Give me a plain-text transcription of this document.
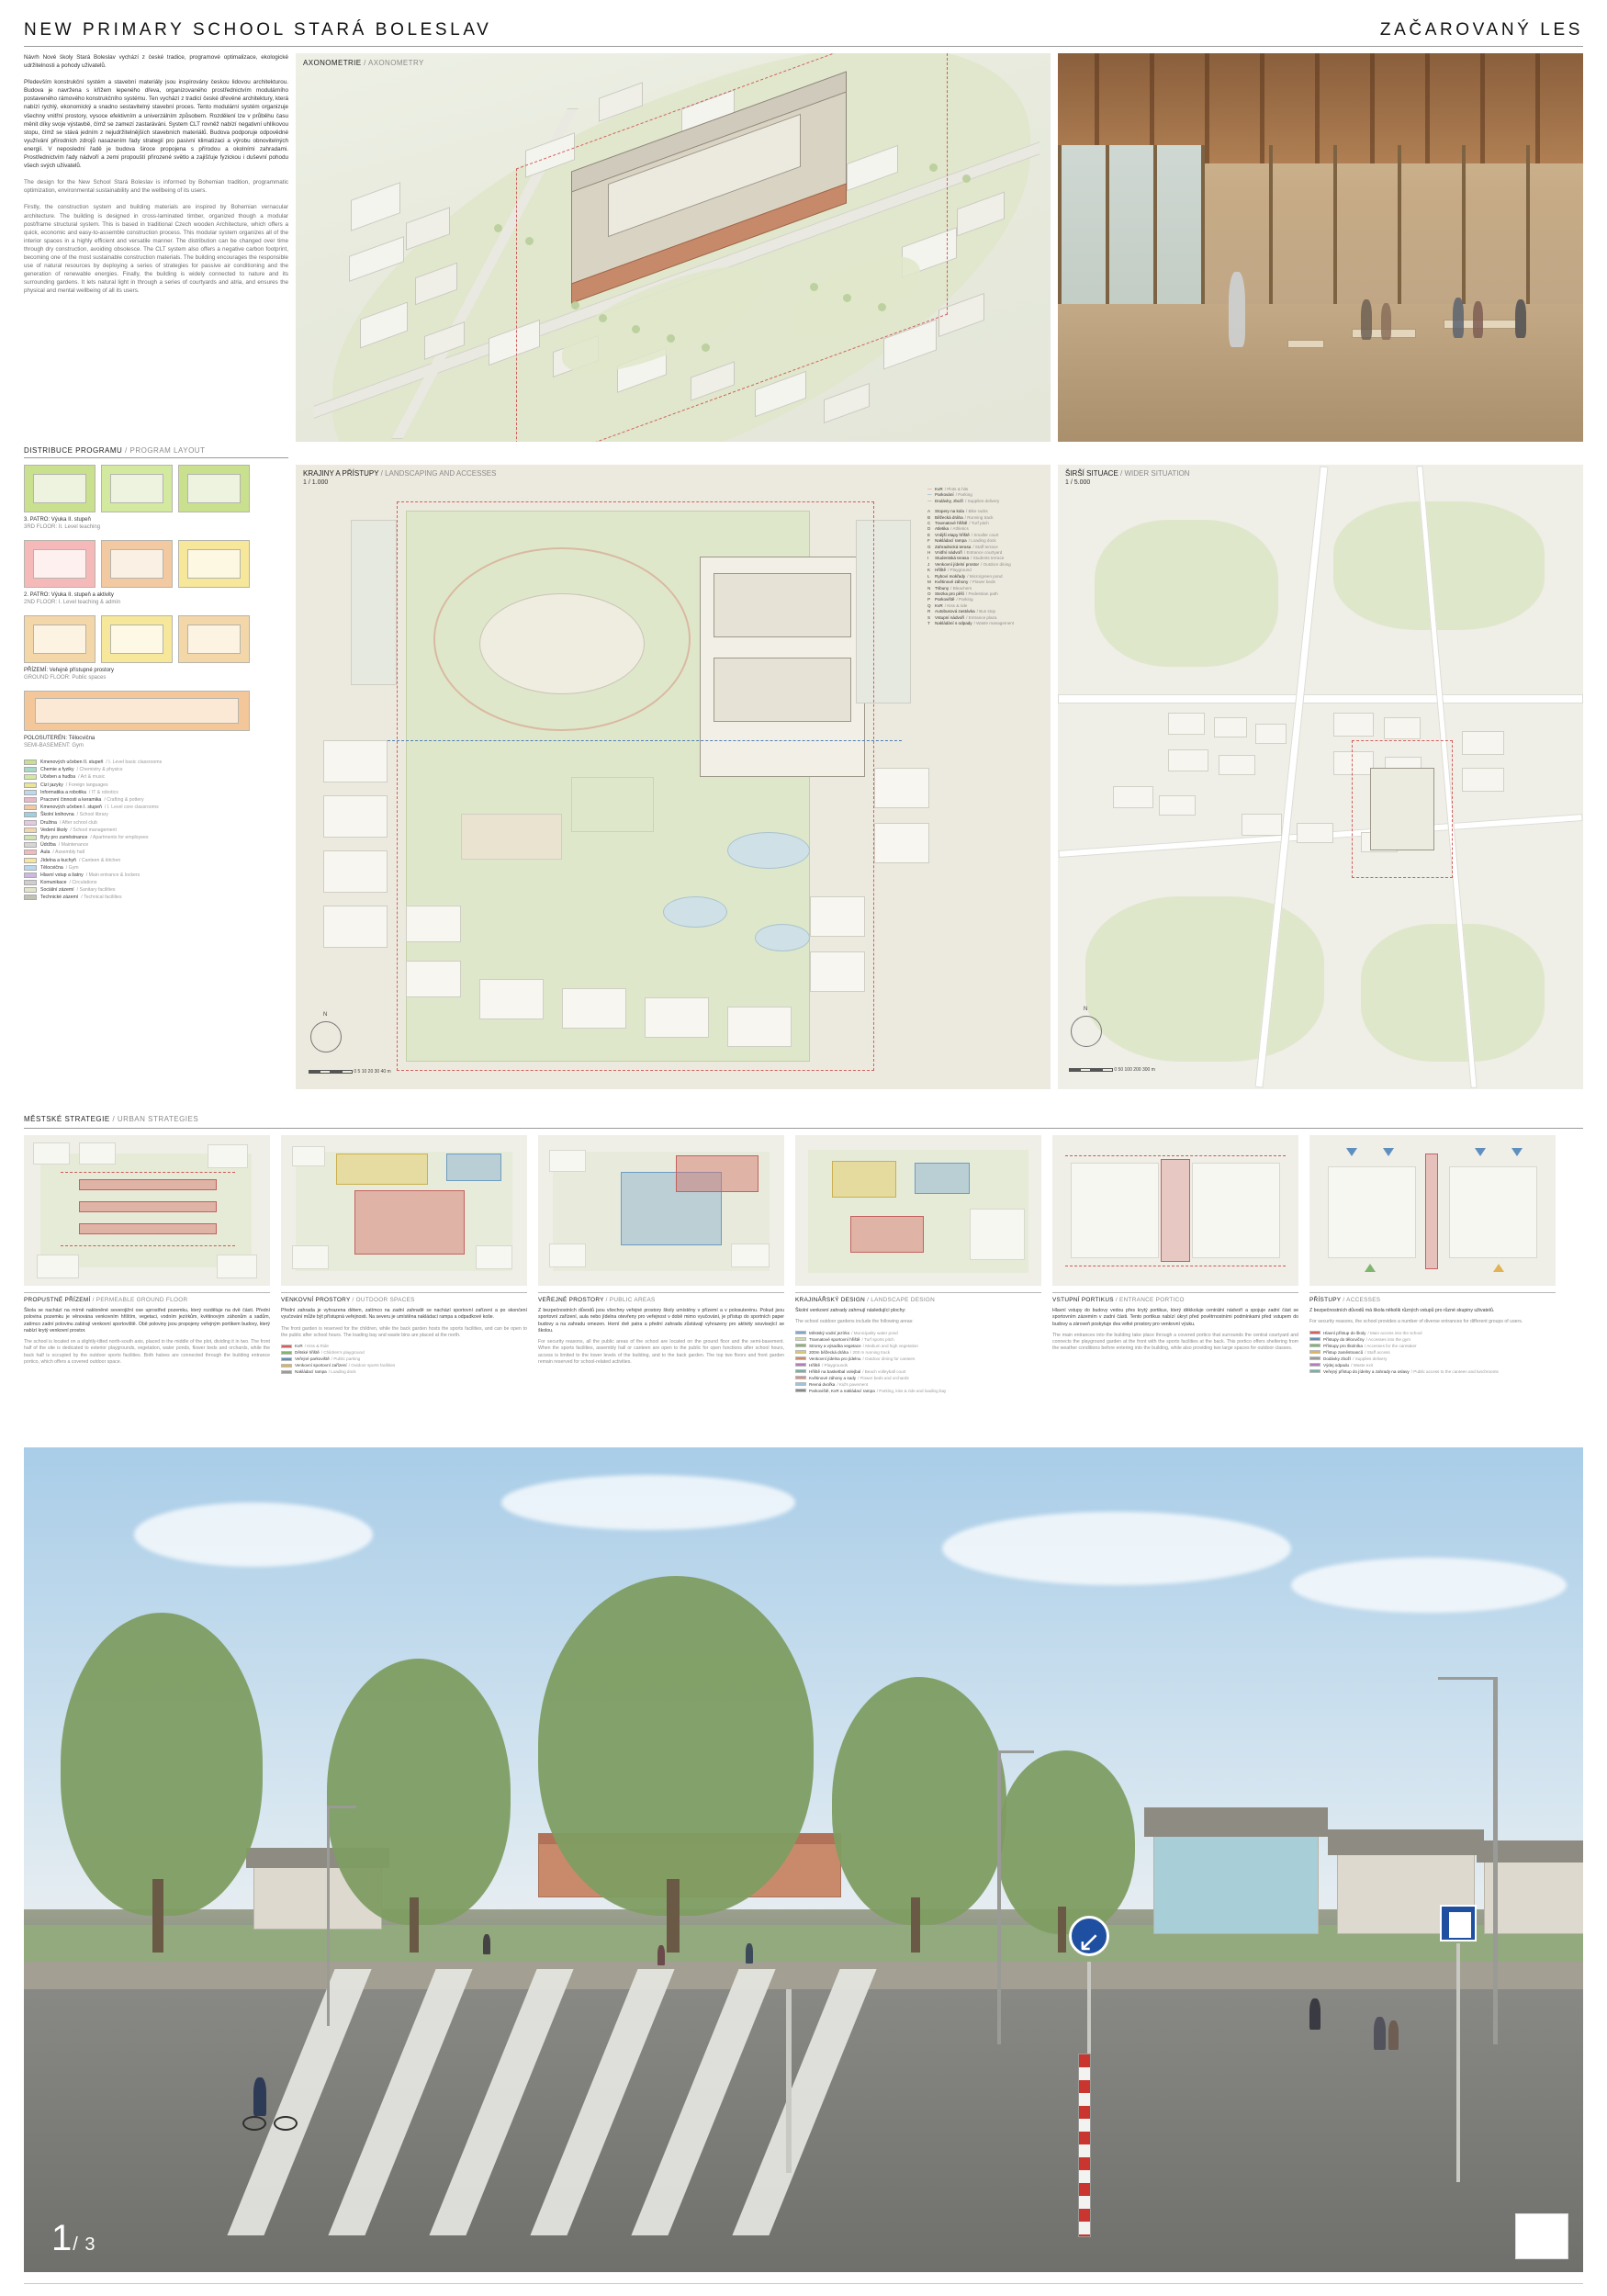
NEW PRIMARY SCHOOL STARÁ BOLESLAV	ZAČAROVANÝ LES

Návrh Nové školy Stará Boleslav vychází z české tradice, programové optimalizace, ekologické udržitelnosti a pohody uživatelů.

Především konstrukční systém a stavební materiály jsou inspirovány českou lidovou architekturou. Budova je navržena s křížem lepeného dřeva, organizovaného prostřednictvím modulárního postaveného rámového konstrukčního systému. Ten vychází z tradicí české dřevěné architektury, která nabízí rychlý, ekonomický a snadno sestavitelný stavební proces. Tento modulární systém organizuje všechny vnitřní prostory, vysoce efektivním a univerzálním způsobem. Rozdělení lze v průběhu času měnit díky svoje výstavbě, čímž se zamezí zastaráváni. System CLT rovněž nabízí negativní uhlíkovou stopu, čímž se stává jedním z nejudržitelnějších stavebních materiálů. Budova podporuje odpovědné využívání přírodních zdrojů nasazením řady strategií pro pasivní klimatizaci a výrobu obnovitelných energií. V neposlední řadě je budova široce propojena s přírodou a okolními zahradami. Prostřednictvím řady nádvoří a zemí propouští přirozené světlo a zajišťuje fyzickou i duševní pohodu všech svých uživatelů.

The design for the New School Stará Boleslav is informed by Bohemian tradition, programmatic optimization, environmental sustainability and the wellbeing of its users.

Firstly, the construction system and building materials are inspired by Bohemian vernacular architecture. The building is designed in cross-laminated timber, organized though a modular post/frame structural system. This is based in traditional Czech wooden Architecture, which offers a quick, economic and easy-to-assemble construction process. This modular system organizes all of the interior spaces in a highly efficient and versatile manner. The distribution can be changed over time through dry construction, avoiding obsolesce. The CLT system also offers a negative carbon footprint, becoming one of the most sustainable construction materials. The building encourages the responsible use of natural resources by deploying a series of strategies for passive air conditioning and the generation of renewable energies. Finally, the building is widely connected to nature and its surrounding gardens. It lets natural light in through a series of courtyards and atria, and ensures the physical and mental wellbeing of all its users.

AXONOMETRIE / AXONOMETRY
DISTRIBUCE PROGRAMU / PROGRAM LAYOUT
3. PATRO: Výuka II. stupeň
3RD FLOOR: II. Level teaching
2. PATRO: Výuka II. stupeň a aktivity
2ND FLOOR: I. Level teaching & admin
PŘÍZEMÍ: Veřejně přístupné prostory
GROUND FLOOR: Public spaces
POLOSUTERÉN: Tělocvična
SEMI-BASEMENT: Gym
Kmenových učeben II. stupeň / I. Level basic classrooms
Chemie a fyziky / Chemistry & physics
Učeben a hudba / Art & music
Cizí jazyky / Foreign languages
Informatika a robotika / IT & robotics
Pracovní činnosti a keramika / Crafting & pottery
Kmenových učeben I. stupeň / I. Level core classrooms
Školní knihovna / School library
Družina / After school club
Vedení školy / School management
Byty pro zaměstnance / Apartments for employees
Údržba / Maintenance
Aula / Assembly hall
Jídelna a kuchyň / Canteen & kitchen
Tělocvična / Gym
Hlavní vstup a šatny / Main entrance & lockers
Komunikace / Circulations
Sociální zázemí / Sanitary facilities
Technické zázemí / Technical facilities
KRAJINY A PŘÍSTUPY / LANDSCAPING AND ACCESSES
1 / 1.000
N
0 5 10 20 30 40 m
— KvR / Plots & hits
— Parkování / Parking
— Dodávky, zboží / Supplies delivery
A	Stopery na kola / Bike racks
B	Běžecká dráha / Running track
C	Travnatové hřiště / Turf pitch
D	Atletika / Athletics
E	Vnější etapy hřiště / Smaller court
F	Nakládací rampa / Loading dock
G Zahradnická terasa / Staff terrace
H	Vnitřní nádvoří / Entrance courtyard
I	Studentská terasa / Students terrace
J	Venkovní jídelní prostor / Outdoor dining
K	Hřiště / Playground
L	Ryboví mokřady / Micro/green pond
M Květinové záhony / Flower beds
N	Tribuny / Bleachers
O Stezka pro pěší / Pedestrian path
P	Parkoviště / Parking
Q KvR / Kiss & ride
R	Autobusová zastávka / Bus stop
S	Vstupní nádvoří / Entrance plaza
T	Nakládání s odpady / Waste management
ŠIRŠÍ SITUACE / WIDER SITUATION
1 / 5.000
N
0 50 100 200 300 m
MĚSTSKÉ STRATEGIE / URBAN STRATEGIES
PROPUSTNÉ PŘÍZEMÍ / PERMEABLE GROUND FLOOR
Škola se nachází na mírně nakloněné severojižní ose uprostřed pozemku, který rozděluje na dvě části. Přední polovina pozemku je věnována venkovním hřištím, vegetaci, vodním jezírkům, květinovým záhonům a sadům, zatímco zadní polovinu zabírají venkovní sportoviště. Obě poloviny jsou propojeny veřejným portikem budovy, který nabízí krytý venkovní prostor.
The school is located on a slightly-tilted north-south axis, placed in the middle of the plot, dividing it in two. The front half of the site is dedicated to exterior playgrounds, vegetation, water ponds, flower beds and orchards, while the back half is occupied by the outdoor sports facilities. Both halves are connected through the building entrance portico, which offers a covered outdoor space.
VENKOVNÍ PROSTORY / OUTDOOR SPACES
Přední zahrada je vyhrazena dětem, zatímco na zadní zahradě se nachází sportovní zařízení a po skončení vyučování může být přístupná veřejnosti. Na severu je umístěna nakládací rampa a odpadkové koše.
The front garden is reserved for the children, while the back garden hosts the sports facilities, and can be open to the public after school hours. The loading bay and waste bins are placed at the north.
KvR / Kiss & Ride
Dětské hřiště / Children's playground
Veřejné parkoviště / Public parking
Venkovní sportovní zařízení / Outdoor sports facilities
Nakládací rampa / Loading dock
VEŘEJNÉ PROSTORY / PUBLIC AREAS
Z bezpečnostních důvodů jsou všechny veřejné prostory školy umístěny v přízemí a v polosuterénu. Pokud jsou sportovní zařízení, aula nebo jídelna otevřeny pro veřejnost v době mimo vyučování, je přístup do sportních paper budovy a na zahradu omezen. Horní dvě patra a přední zahrada zůstávají vyhrazeny pro aktivity související se školou.
For security reasons, all the public areas of the school are located on the ground floor and the semi-basement. When the sports facilities, assembly hall or canteen are open to the public for open functions after school hours, access is limited to the lower levels of the building, and to the back garden. The top two floors and front garden remain reserved for school-related activities.
KRAJINÁŘSKÝ DESIGN / LANDSCAPE DESIGN
Školní venkovní zahrady zahrnují následující plochy:
The school outdoor gardens include the following areas:
Městský vodní jezírko / Municipality water pond
Travnatové sportovní hřiště / Turf sports pitch
Stromy a výsadba vegetace / Medium and high vegetation
200m běžecká dráha / 200 m running track
Venkovní jídelna pro jídelnu / Outdoor dining for canteen
Hřiště / Playgrounds
Hřiště na basketbal volejbal / Beach volleyball court
Květinové záhony a sady / Flower beds and orchards
Revná dvořka / Kid's pavement
Parkoviště, KvR a nakládací rampa / Parking, kiss & ride and loading bay
VSTUPNÍ PORTIKUS / ENTRANCE PORTICO
Hlavní vstupy do budovy vedou přes krytý portikus, který děkkoluje centrální nádvoří a spojuje zadní část se sportovním zázemím v zadní části. Tento portikus nabízí úkryt před povětrnostními podmínkami před vstupem do budovy a zároveň poskytuje dva velké prostory pro venkovní výuku.
The main entrances into the building take place through a covered portico that surrounds the central courtyard and connects the playground garden at the front with the sports facilities at the back. This portico offers sheltering from the weather conditions before entering into the building, while also providing two large spaces for outdoor classes.
PŘÍSTUPY / ACCESSES
Z bezpečnostních důvodů má škola několik různých vstupů pro různé skupiny uživatelů.
For security reasons, the school provides a number of diverse entrances for different groups of users.
Hlavní přístup do školy / Main access into the school
Přístupy do tělocvičny / Accesses into the gym
Přístupy pro školníka / Accesses for the caretaker
Přístup zaměstnanců / Staff access
Dodávky zboží / Supplies delivery
Výdej odpadu / Waste exit
Veřejný přístup do jídelny a zahrady na oslavy / Public access to the canteen and lunchrooms
↙
1/ 3
